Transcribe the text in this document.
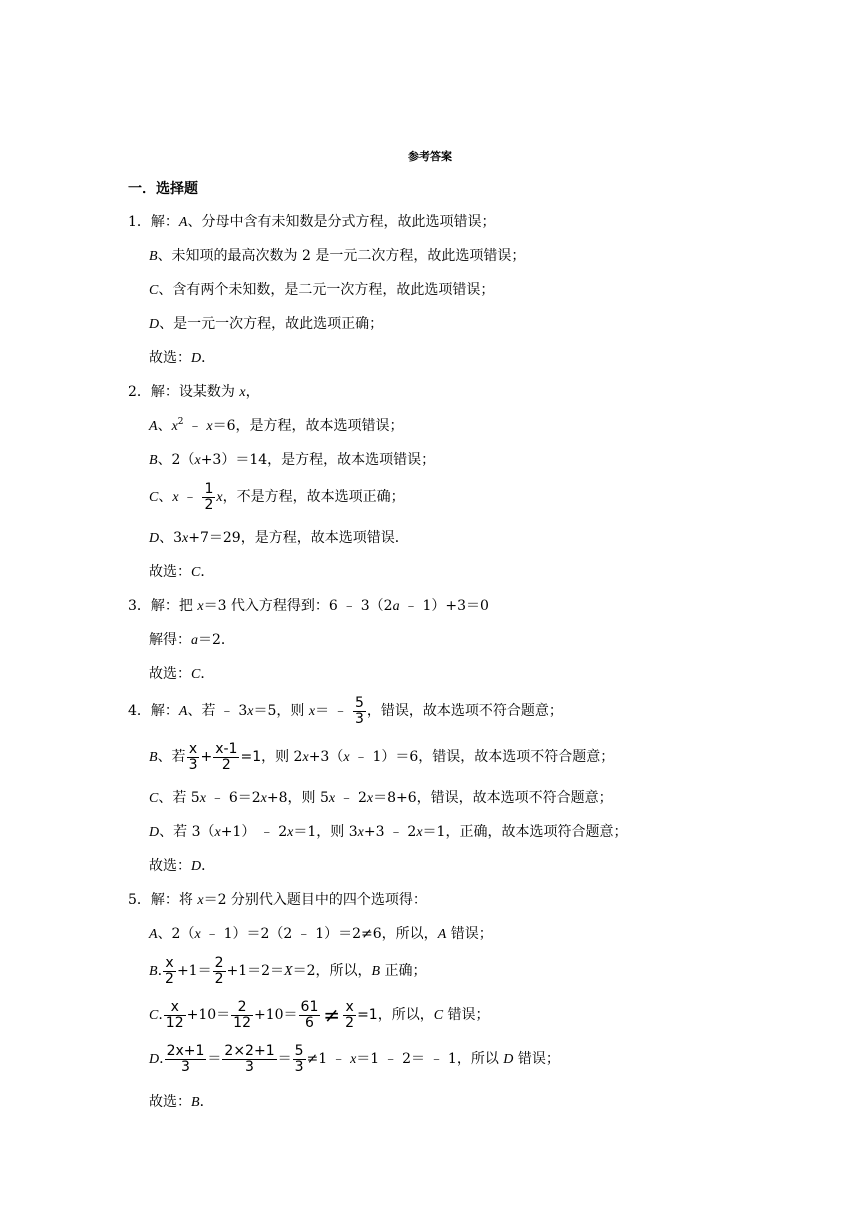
参考答案
一．选择题
1．解：A、分母中含有未知数是分式方程，故此选项错误；
B、未知项的最高次数为 2 是一元二次方程，故此选项错误；
C、含有两个未知数，是二元一次方程，故此选项错误；
D、是一元一次方程，故此选项正确；
故选：D．
2．解：设某数为 x，
A、$x^2$ ﹣ x＝6，是方程，故本选项错误；
B、2（x+3）＝14，是方程，故本选项错误；
C、x ﹣ $\frac{1}{2}$ x，不是方程，故本选项正确；
D、3x+7＝29，是方程，故本选项错误．
故选：C．
3．解：把 x＝3 代入方程得到：6 ﹣ 3（2a ﹣ 1）+3＝0
解得：a＝2．
故选：C．
4．解：A、若 ﹣ 3x＝5，则 x＝ ﹣ $\frac{5}{3}$ ，错误，故本选项不符合题意；
B、若 $\frac{x}{3} + \frac{x-1}{2} =1$，则 2x+3（x ﹣ 1）＝6，错误，故本选项不符合题意；
C、若 5x ﹣ 6＝2x+8，则 5x ﹣ 2x＝8+6，错误，故本选项不符合题意；
D、若 3（x+1） ﹣ 2x＝1，则 3x+3 ﹣ 2x＝1，正确，故本选项符合题意；
故选：D．
5．解：将 x＝2 分别代入题目中的四个选项得：
A、2（x ﹣ 1）＝2（2 ﹣ 1）＝2≠6，所以，A 错误；
B. $\frac{x}{2} +1= \frac{2}{2} +1=2=X=2$，所以，B 正确；
C. $\frac{x}{12} +10= \frac{2}{12} +10= \frac{61}{6} \ne \frac{x}{2} =1$，所以，C 错误；
D. $\frac{2x+1}{3} = \frac{2\times 2+1}{3} = \frac{5}{3} \ne 1$ ﹣ x＝1 ﹣ 2＝ ﹣ 1，所以 D 错误；
故选：B．
